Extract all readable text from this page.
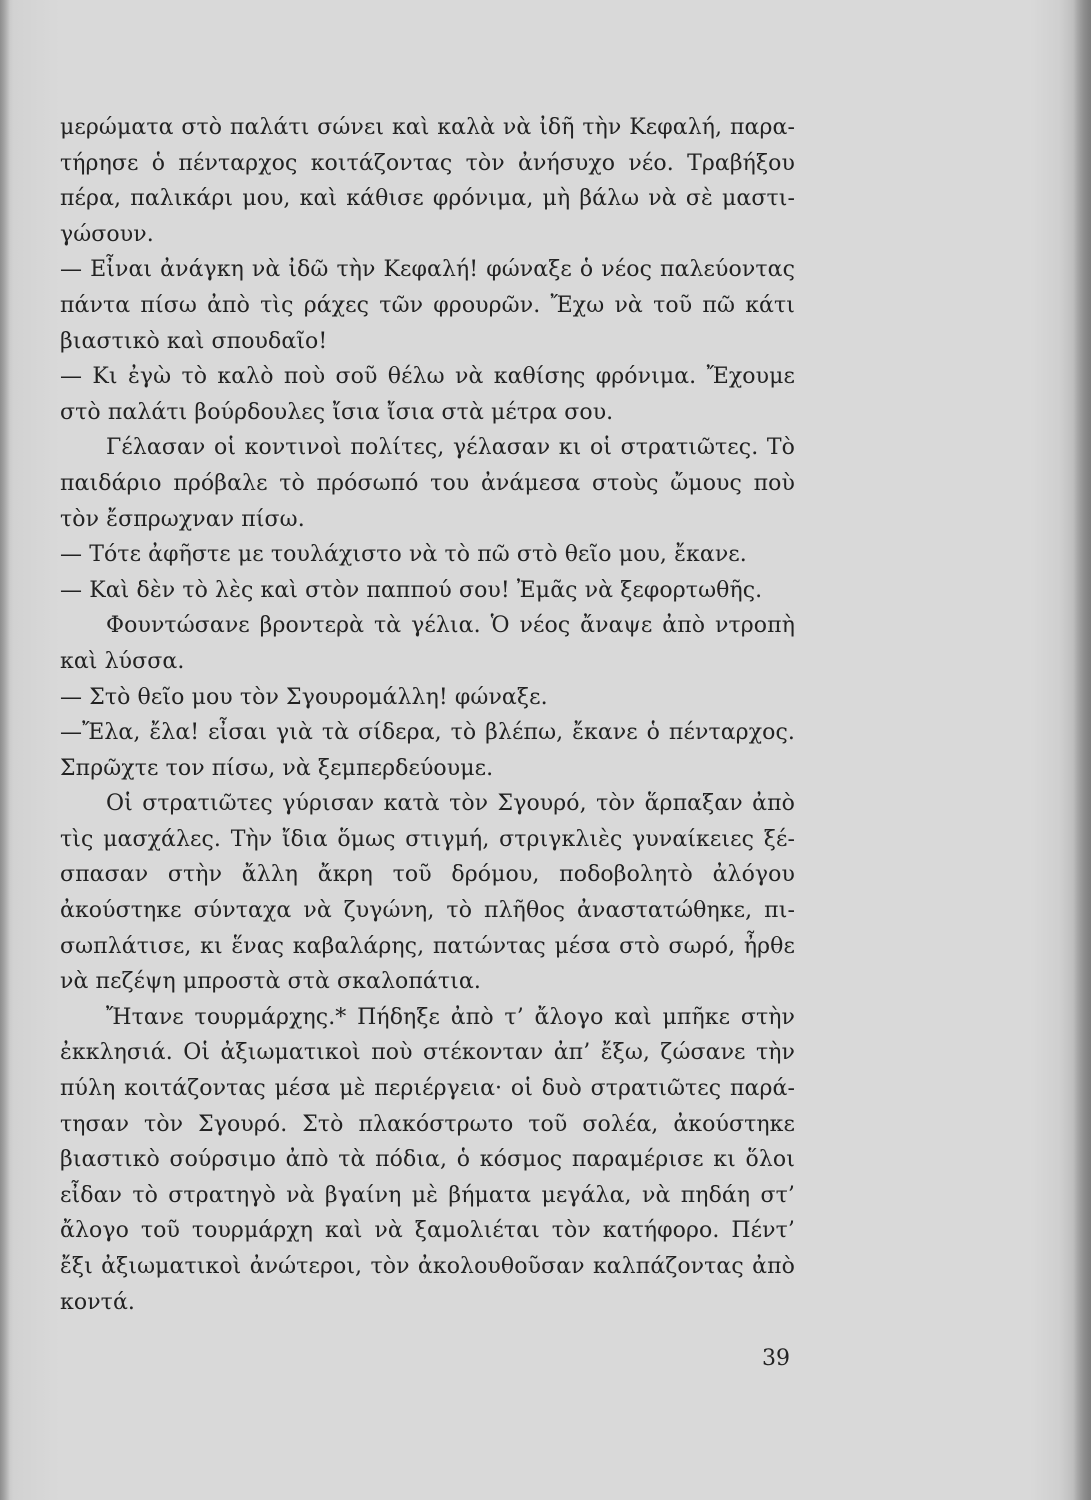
μερώματα στὸ παλάτι σώνει καὶ καλὰ νὰ ἰδῆ τὴν Κεφαλή, παρα-
τήρησε ὁ πένταρχος κοιτάζοντας τὸν ἀνήσυχο νέο. Τραβήξου
πέρα, παλικάρι μου, καὶ κάθισε φρόνιμα, μὴ βάλω νὰ σὲ μαστι-
γώσουν.
— Εἶναι ἀνάγκη νὰ ἰδῶ τὴν Κεφαλή! φώναξε ὁ νέος παλεύοντας
πάντα πίσω ἀπὸ τὶς ράχες τῶν φρουρῶν. Ἔχω νὰ τοῦ πῶ κάτι
βιαστικὸ καὶ σπουδαῖο!
— Κι ἐγὼ τὸ καλὸ ποὺ σοῦ θέλω νὰ καθίσης φρόνιμα. Ἔχουμε
στὸ παλάτι βούρδουλες ἴσια ἴσια στὰ μέτρα σου.
Γέλασαν οἱ κοντινοὶ πολίτες, γέλασαν κι οἱ στρατιῶτες. Τὸ
παιδάριο πρόβαλε τὸ πρόσωπό του ἀνάμεσα στοὺς ὤμους ποὺ
τὸν ἔσπρωχναν πίσω.
— Τότε ἀφῆστε με τουλάχιστο νὰ τὸ πῶ στὸ θεῖο μου, ἔκανε.
— Καὶ δὲν τὸ λὲς καὶ στὸν παππού σου! Ἐμᾶς νὰ ξεφορτωθῆς.
Φουντώσανε βροντερὰ τὰ γέλια. Ὁ νέος ἄναψε ἀπὸ ντροπὴ
καὶ λύσσα.
— Στὸ θεῖο μου τὸν Σγουρομάλλη! φώναξε.
—Ἔλα, ἔλα! εἶσαι γιὰ τὰ σίδερα, τὸ βλέπω, ἔκανε ὁ πένταρχος.
Σπρῶχτε τον πίσω, νὰ ξεμπερδεύουμε.
Οἱ στρατιῶτες γύρισαν κατὰ τὸν Σγουρό, τὸν ἅρπαξαν ἀπὸ
τὶς μασχάλες. Τὴν ἴδια ὅμως στιγμή, στριγκλιὲς γυναίκειες ξέ-
σπασαν στὴν ἄλλη ἄκρη τοῦ δρόμου, ποδοβολητὸ ἀλόγου
ἀκούστηκε σύνταχα νὰ ζυγώνη, τὸ πλῆθος ἀναστατώθηκε, πι-
σωπλάτισε, κι ἕνας καβαλάρης, πατώντας μέσα στὸ σωρό, ἦρθε
νὰ πεζέψη μπροστὰ στὰ σκαλοπάτια.
Ἤτανε τουρμάρχης.* Πήδηξε ἀπὸ τ’ ἄλογο καὶ μπῆκε στὴν
ἐκκλησιά. Οἱ ἀξιωματικοὶ ποὺ στέκονταν ἀπ’ ἔξω, ζώσανε τὴν
πύλη κοιτάζοντας μέσα μὲ περιέργεια· οἱ δυὸ στρατιῶτες παρά-
τησαν τὸν Σγουρό. Στὸ πλακόστρωτο τοῦ σολέα, ἀκούστηκε
βιαστικὸ σούρσιμο ἀπὸ τὰ πόδια, ὁ κόσμος παραμέρισε κι ὅλοι
εἶδαν τὸ στρατηγὸ νὰ βγαίνη μὲ βήματα μεγάλα, νὰ πηδάη στ’
ἄλογο τοῦ τουρμάρχη καὶ νὰ ξαμολιέται τὸν κατήφορο. Πέντ’
ἔξι ἀξιωματικοὶ ἀνώτεροι, τὸν ἀκολουθοῦσαν καλπάζοντας ἀπὸ
κοντά.
39
